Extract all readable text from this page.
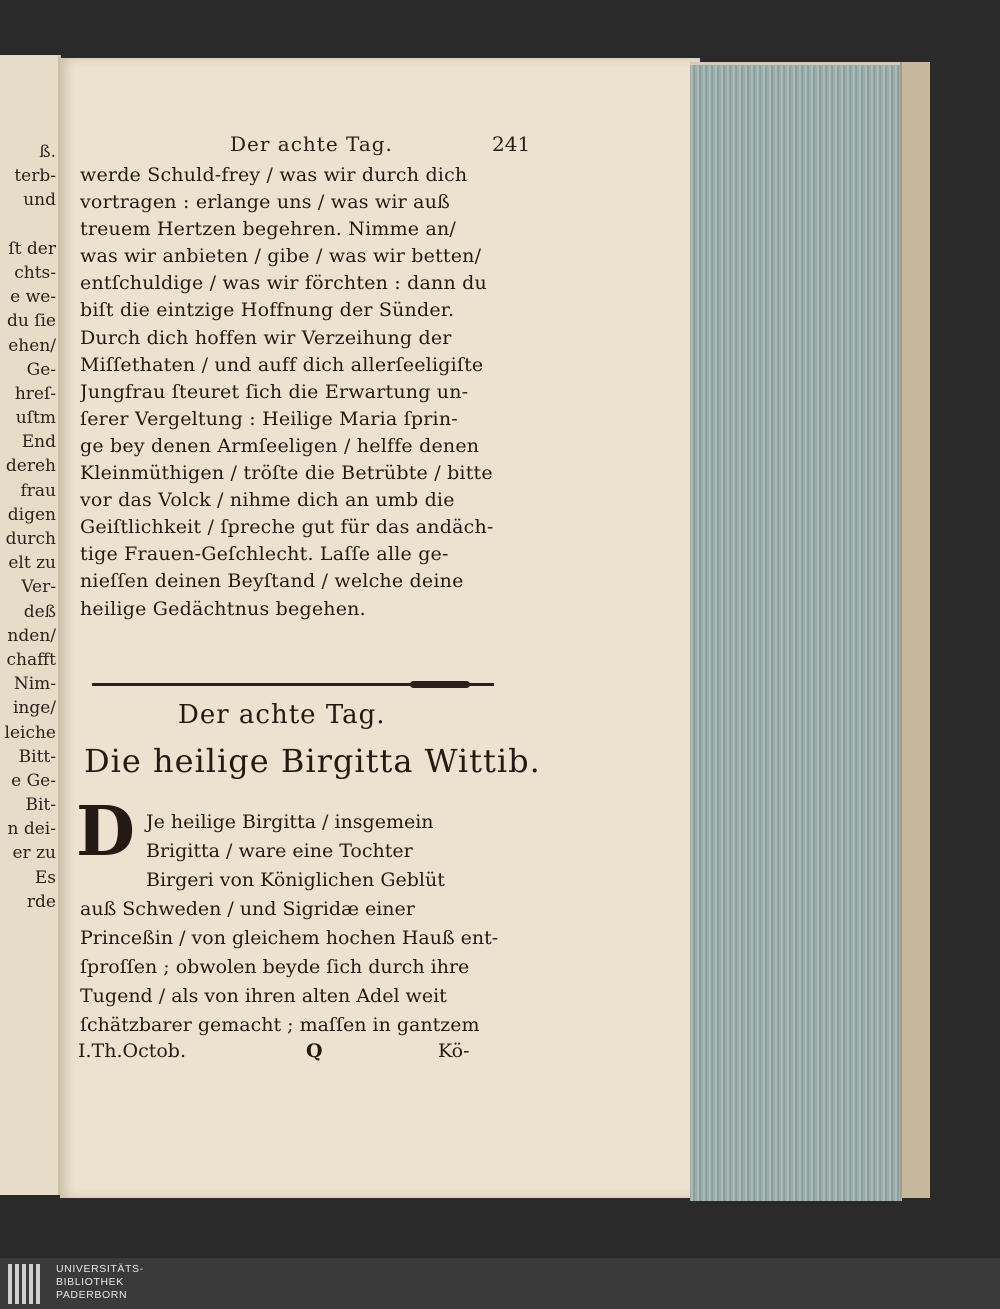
ß.
terb‑
und
ſt der
chts‑
e we‑
du ſie
ehen/
Ge‑
hreſ‑
uſtm
End
dereh
frau
digen
durch
elt zu
Ver‑
deß
nden/
chafft
Nim‑
inge/
leiche
Bitt‑
e Ge‑
Bit‑
n dei‑
er zu
Es
rde
Der achte Tag.	241
werde Schuld‑frey / was wir durch dich
vortragen : erlange uns / was wir auß
treuem Hertzen begehren. Nimme an/
was wir anbieten / gibe / was wir betten/
entſchuldige / was wir förchten : dann du
biſt die eintzige Hoffnung der Sünder.
Durch dich hoffen wir Verzeihung der
Miſſethaten / und auff dich allerſeeligiſte
Jungfrau ſteuret ſich die Erwartung un‑
ſerer Vergeltung : Heilige Maria ſprin‑
ge bey denen Armſeeligen / helffe denen
Kleinmüthigen / tröſte die Betrübte / bitte
vor das Volck / nihme dich an umb die
Geiſtlichkeit / ſpreche gut für das andäch‑
tige Frauen‑Geſchlecht. Laſſe alle ge‑
nieſſen deinen Beyſtand / welche deine
heilige Gedächtnus begehen.
Der achte Tag.
Die heilige Birgitta Wittib.
D Je heilige Birgitta / insgemein
Brigitta / ware eine Tochter
Birgeri von Königlichen Geblüt
auß Schweden / und Sigridæ einer
Princeßin / von gleichem hochen Hauß ent‑
ſproſſen ; obwolen beyde ſich durch ihre
Tugend / als von ihren alten Adel weit
ſchätzbarer gemacht ; maſſen in gantzem
I.Th.Octob.	Q	Kö‑
UNIVERSITÄTS-
BIBLIOTHEK
PADERBORN
